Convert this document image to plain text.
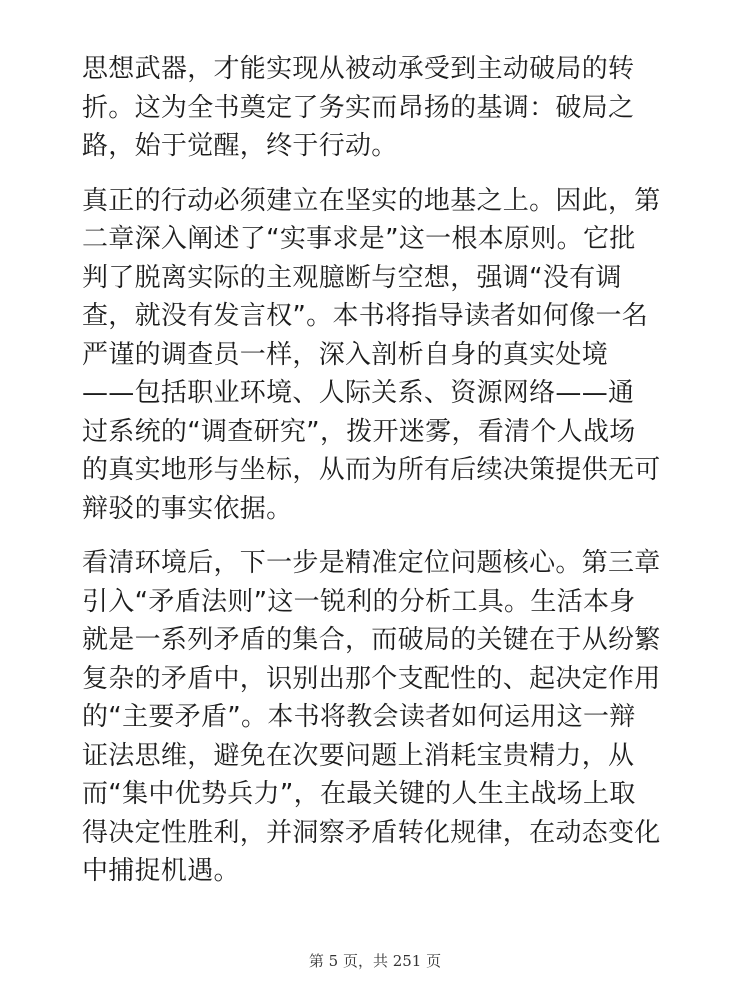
思想武器，才能实现从被动承受到主动破局的转
折。这为全书奠定了务实而昂扬的基调：破局之
路，始于觉醒，终于行动。

真正的行动必须建立在坚实的地基之上。因此，第
二章深入阐述了“实事求是”这一根本原则。它批
判了脱离实际的主观臆断与空想，强调“没有调
查，就没有发言权”。本书将指导读者如何像一名
严谨的调查员一样，深入剖析自身的真实处境
——包括职业环境、人际关系、资源网络——通
过系统的“调查研究”，拨开迷雾，看清个人战场
的真实地形与坐标，从而为所有后续决策提供无可
辩驳的事实依据。

看清环境后，下一步是精准定位问题核心。第三章
引入“矛盾法则”这一锐利的分析工具。生活本身
就是一系列矛盾的集合，而破局的关键在于从纷繁
复杂的矛盾中，识别出那个支配性的、起决定作用
的“主要矛盾”。本书将教会读者如何运用这一辩
证法思维，避免在次要问题上消耗宝贵精力，从
而“集中优势兵力”，在最关键的人生主战场上取
得决定性胜利，并洞察矛盾转化规律，在动态变化
中捕捉机遇。

第 5 页，共 251 页
